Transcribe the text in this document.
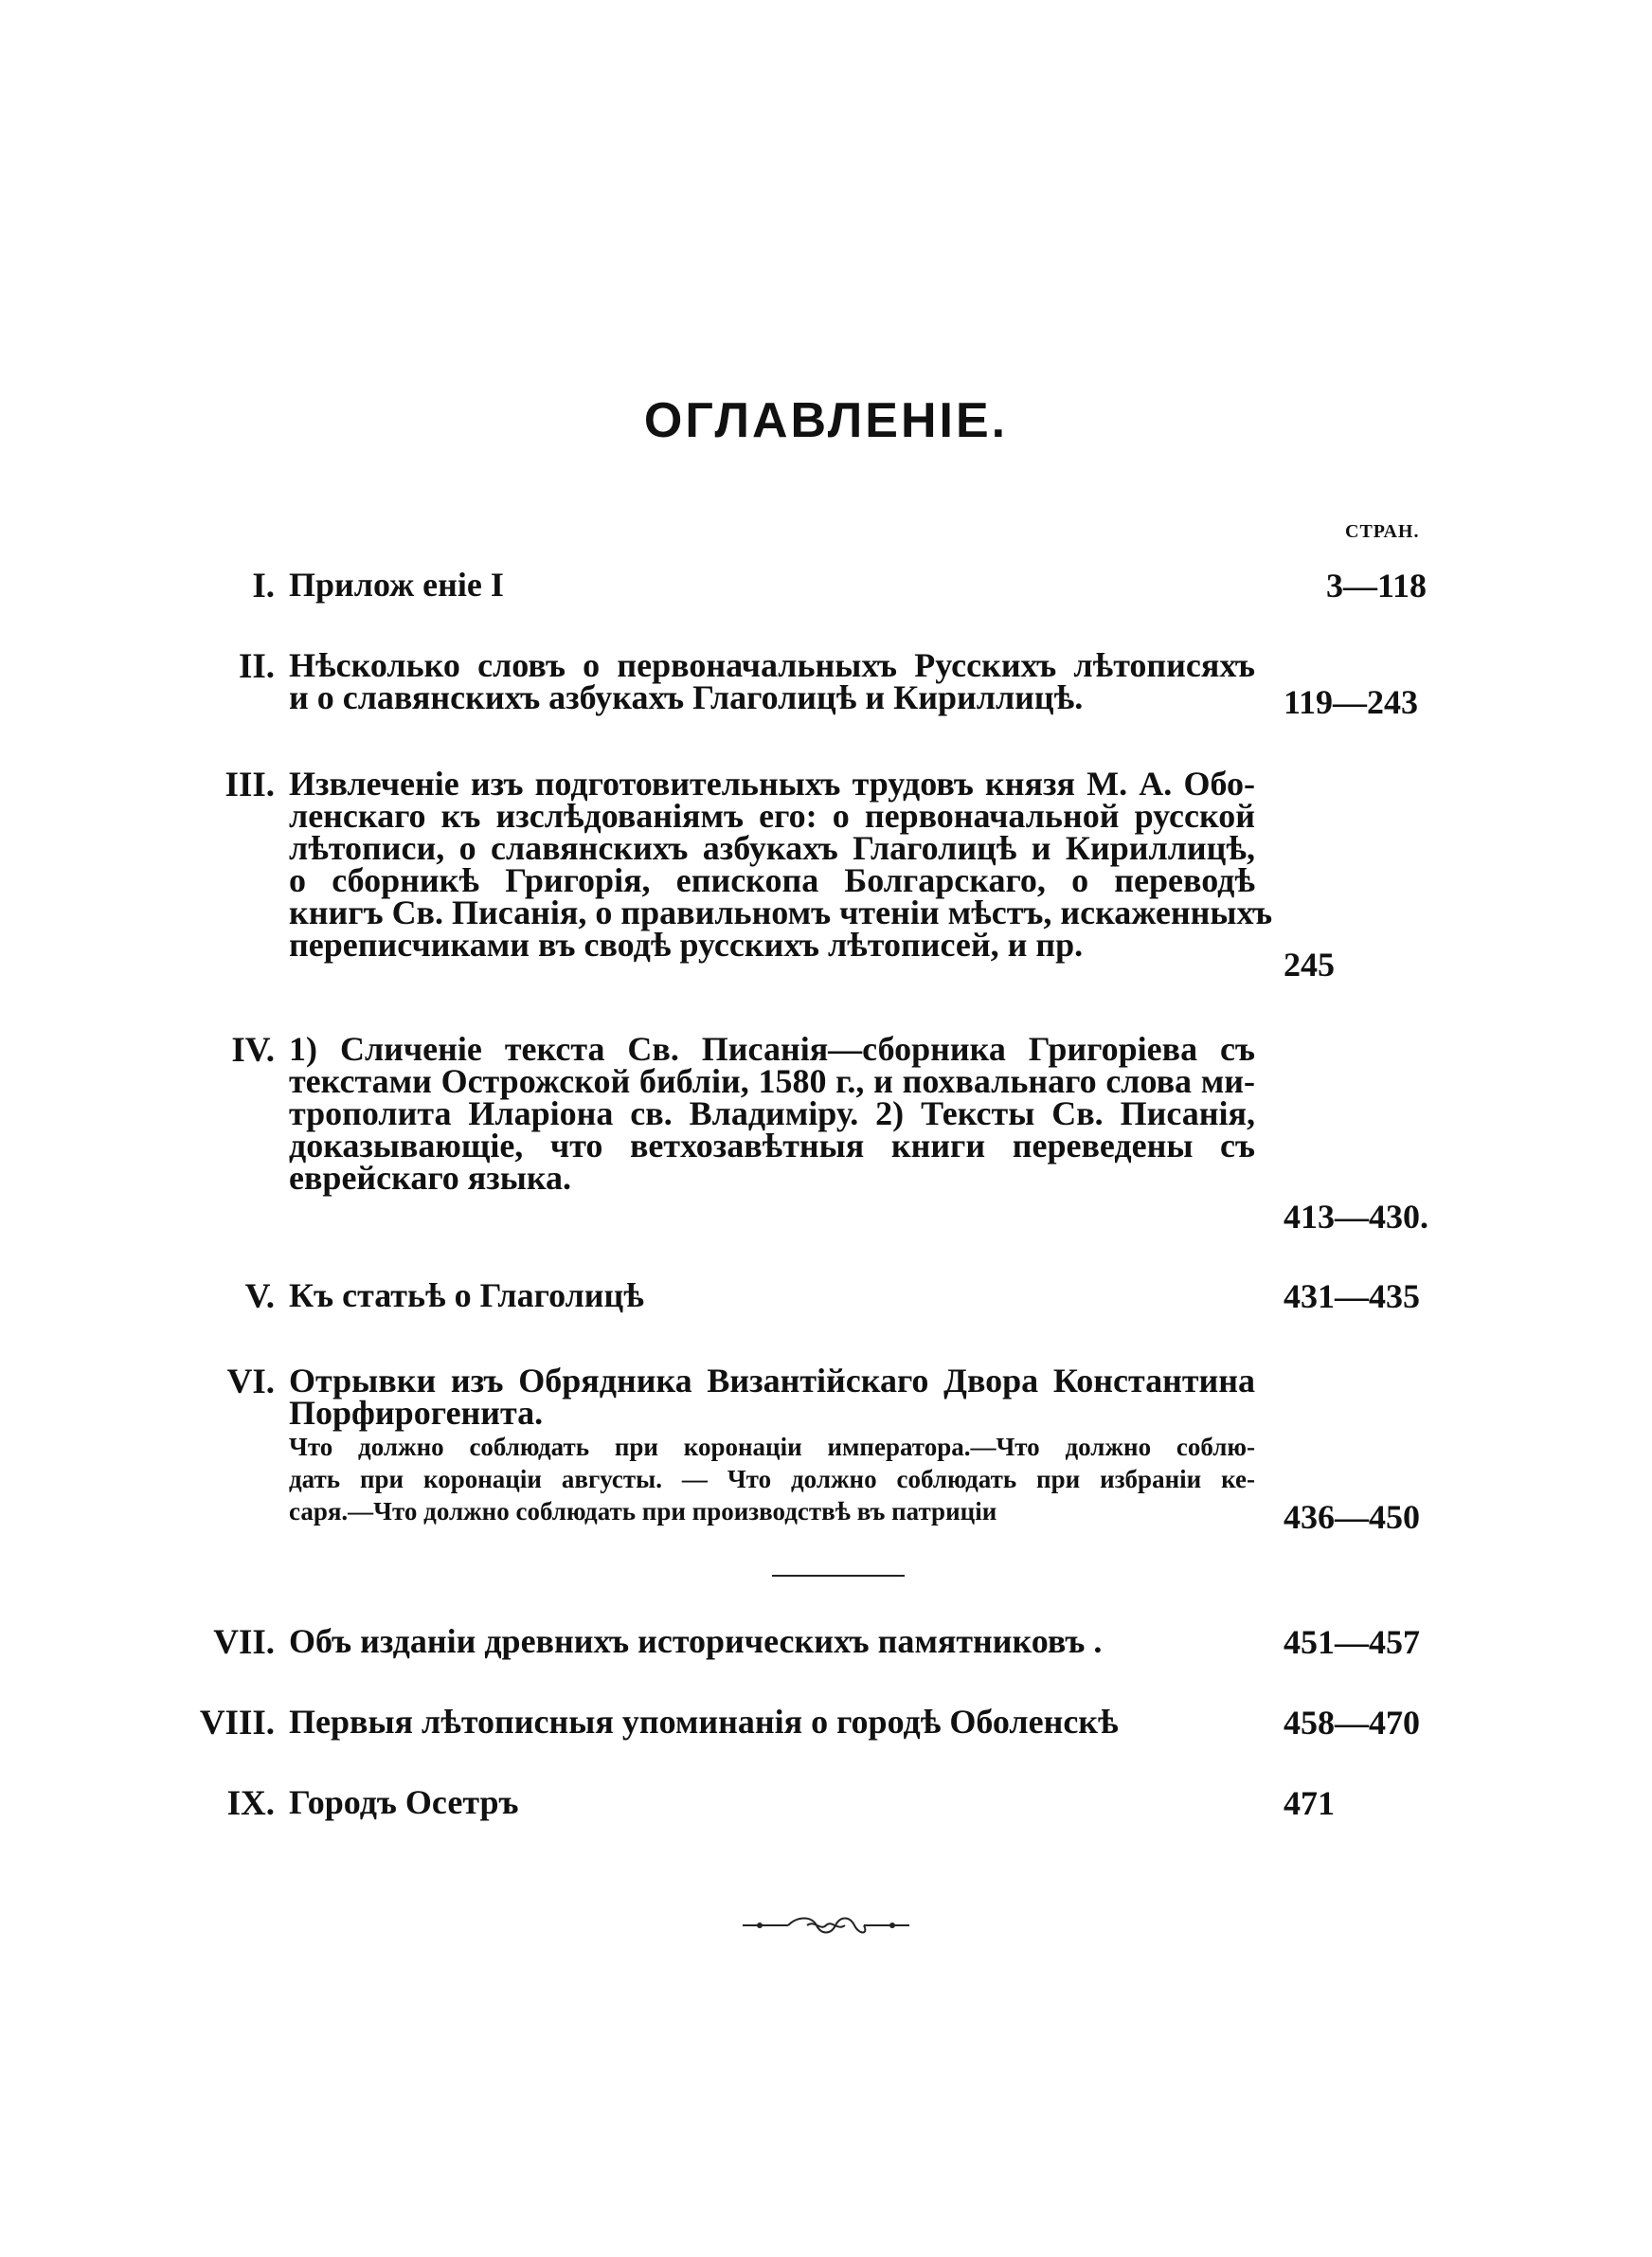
ОГЛАВЛЕНІЕ.
СТРАН.
I. Прилож еніе I	3—118
II. Нѣсколько словъ о первоначальныхъ Русскихъ лѣтописяхъ
и о славянскихъ азбукахъ Глаголицѣ и Кириллицѣ.	119—243
III. Извлеченіе изъ подготовительныхъ трудовъ князя М. А. Обо-
ленскаго къ изслѣдованіямъ его: о первоначальной русской
лѣтописи, о славянскихъ азбукахъ Глаголицѣ и Кириллицѣ,
о сборникѣ Григорія, епископа Болгарскаго, о переводѣ
книгъ Св. Писанія, о правильномъ чтеніи мѣстъ, искаженныхъ
переписчиками въ сводѣ русскихъ лѣтописей, и пр.
245
IV. 1) Сличеніе текста Св. Писанія—сборника Григоріева съ
текстами Острожской библіи, 1580 г., и похвальнаго слова ми-
трополита Иларіона св. Владиміру. 2) Тексты Св. Писанія,
доказывающіе, что ветхозавѣтныя книги переведены съ
еврейскаго языка.
413—430.
V. Къ статьѣ о Глаголицѣ	431—435
VI. Отрывки изъ Обрядника Византійскаго Двора Константина
Порфирогенита.
Что должно соблюдать при коронаціи императора.—Что должно соблю-
дать при коронаціи августы. — Что должно соблюдать при избраніи ке-
саря.—Что должно соблюдать при производствѣ въ патриціи	436—450
VII. Объ изданіи древнихъ историческихъ памятниковъ .	451—457
VIII. Первыя лѣтописныя упоминанія о городѣ Оболенскѣ	458—470
IX. Городъ Осетръ	471
